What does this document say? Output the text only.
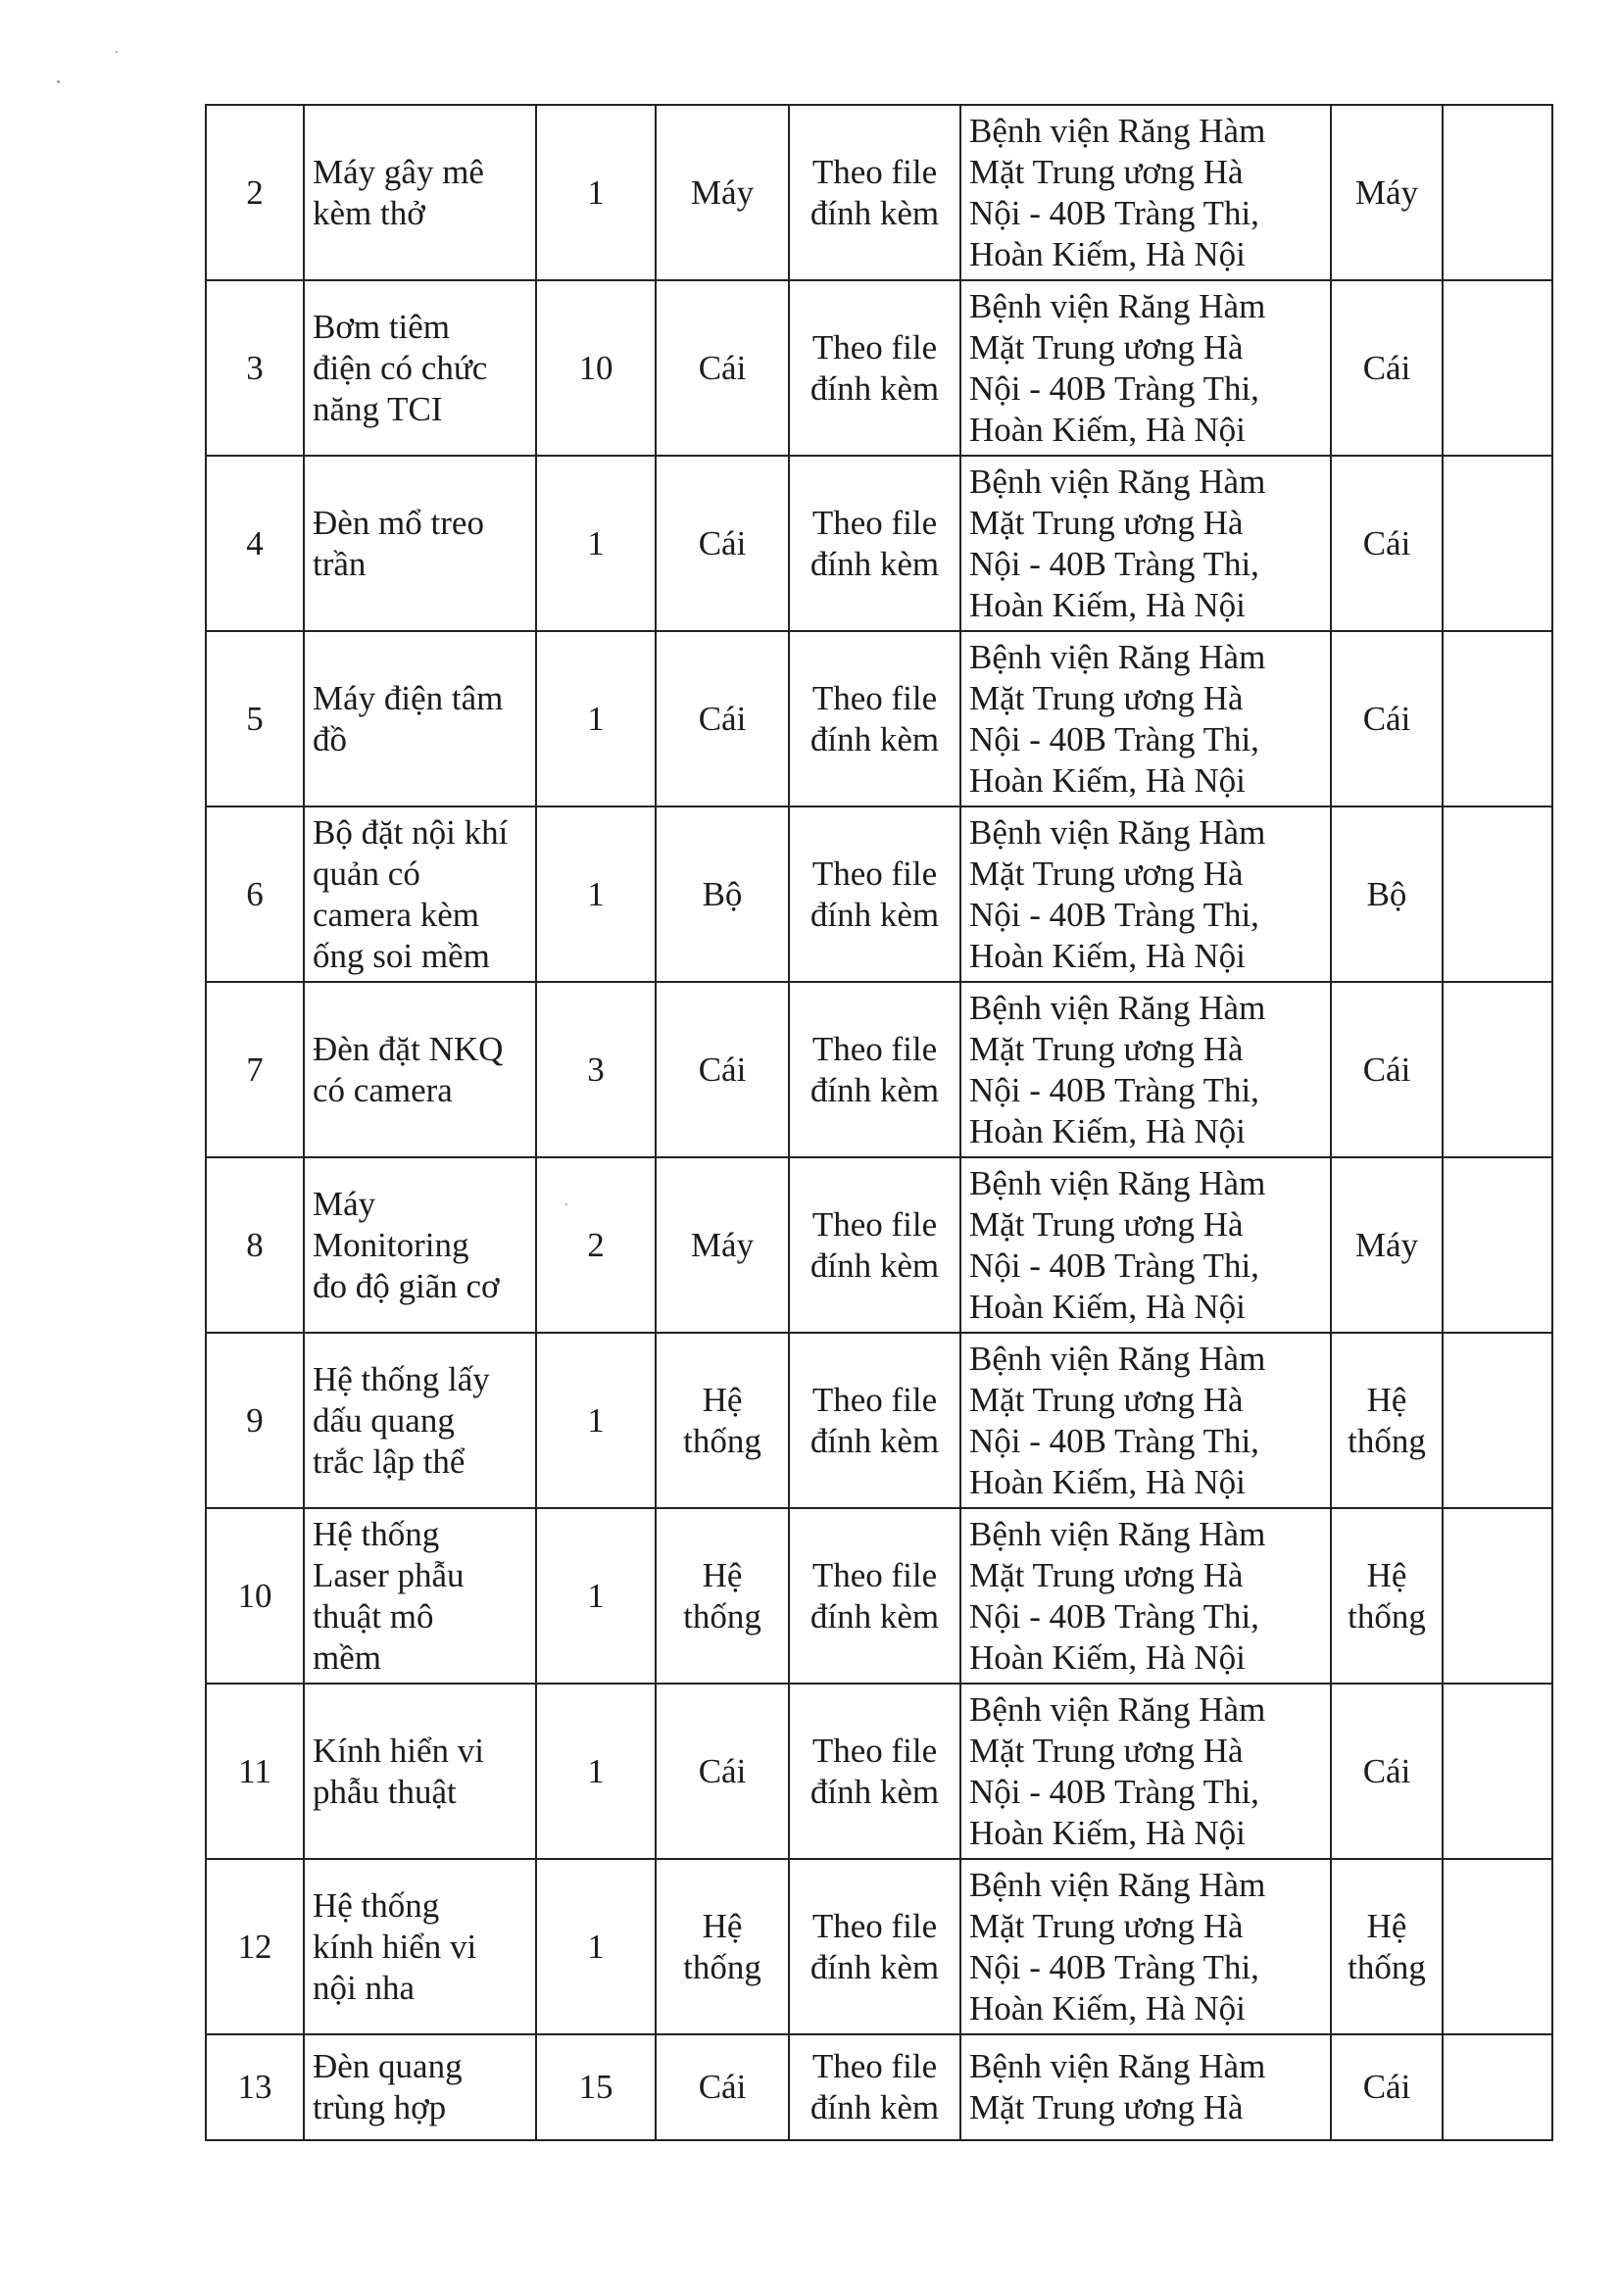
2	Máy gây mê
kèm thở	1	Máy	Theo file
đính kèm	Bệnh viện Răng Hàm
Mặt Trung ương Hà
Nội - 40B Tràng Thi,
Hoàn Kiếm, Hà Nội	Máy	

3	Bơm tiêm
điện có chức
năng TCI	10	Cái	Theo file
đính kèm	Bệnh viện Răng Hàm
Mặt Trung ương Hà
Nội - 40B Tràng Thi,
Hoàn Kiếm, Hà Nội	Cái	

4	Đèn mổ treo
trần	1	Cái	Theo file
đính kèm	Bệnh viện Răng Hàm
Mặt Trung ương Hà
Nội - 40B Tràng Thi,
Hoàn Kiếm, Hà Nội	Cái	

5	Máy điện tâm
đồ	1	Cái	Theo file
đính kèm	Bệnh viện Răng Hàm
Mặt Trung ương Hà
Nội - 40B Tràng Thi,
Hoàn Kiếm, Hà Nội	Cái	

6	Bộ đặt nội khí
quản có
camera kèm
ống soi mềm	1	Bộ	Theo file
đính kèm	Bệnh viện Răng Hàm
Mặt Trung ương Hà
Nội - 40B Tràng Thi,
Hoàn Kiếm, Hà Nội	Bộ	

7	Đèn đặt NKQ
có camera	3	Cái	Theo file
đính kèm	Bệnh viện Răng Hàm
Mặt Trung ương Hà
Nội - 40B Tràng Thi,
Hoàn Kiếm, Hà Nội	Cái	

8	Máy
Monitoring
đo độ giãn cơ	2	Máy	Theo file
đính kèm	Bệnh viện Răng Hàm
Mặt Trung ương Hà
Nội - 40B Tràng Thi,
Hoàn Kiếm, Hà Nội	Máy	

9	Hệ thống lấy
dấu quang
trắc lập thể	1	Hệ
thống	Theo file
đính kèm	Bệnh viện Răng Hàm
Mặt Trung ương Hà
Nội - 40B Tràng Thi,
Hoàn Kiếm, Hà Nội	Hệ
thống	

10	Hệ thống
Laser phẫu
thuật mô
mềm	1	Hệ
thống	Theo file
đính kèm	Bệnh viện Răng Hàm
Mặt Trung ương Hà
Nội - 40B Tràng Thi,
Hoàn Kiếm, Hà Nội	Hệ
thống	

11	Kính hiển vi
phẫu thuật	1	Cái	Theo file
đính kèm	Bệnh viện Răng Hàm
Mặt Trung ương Hà
Nội - 40B Tràng Thi,
Hoàn Kiếm, Hà Nội	Cái	

12	Hệ thống
kính hiển vi
nội nha	1	Hệ
thống	Theo file
đính kèm	Bệnh viện Răng Hàm
Mặt Trung ương Hà
Nội - 40B Tràng Thi,
Hoàn Kiếm, Hà Nội	Hệ
thống	

13	Đèn quang
trùng hợp	15	Cái	Theo file
đính kèm	Bệnh viện Răng Hàm
Mặt Trung ương Hà	Cái	
